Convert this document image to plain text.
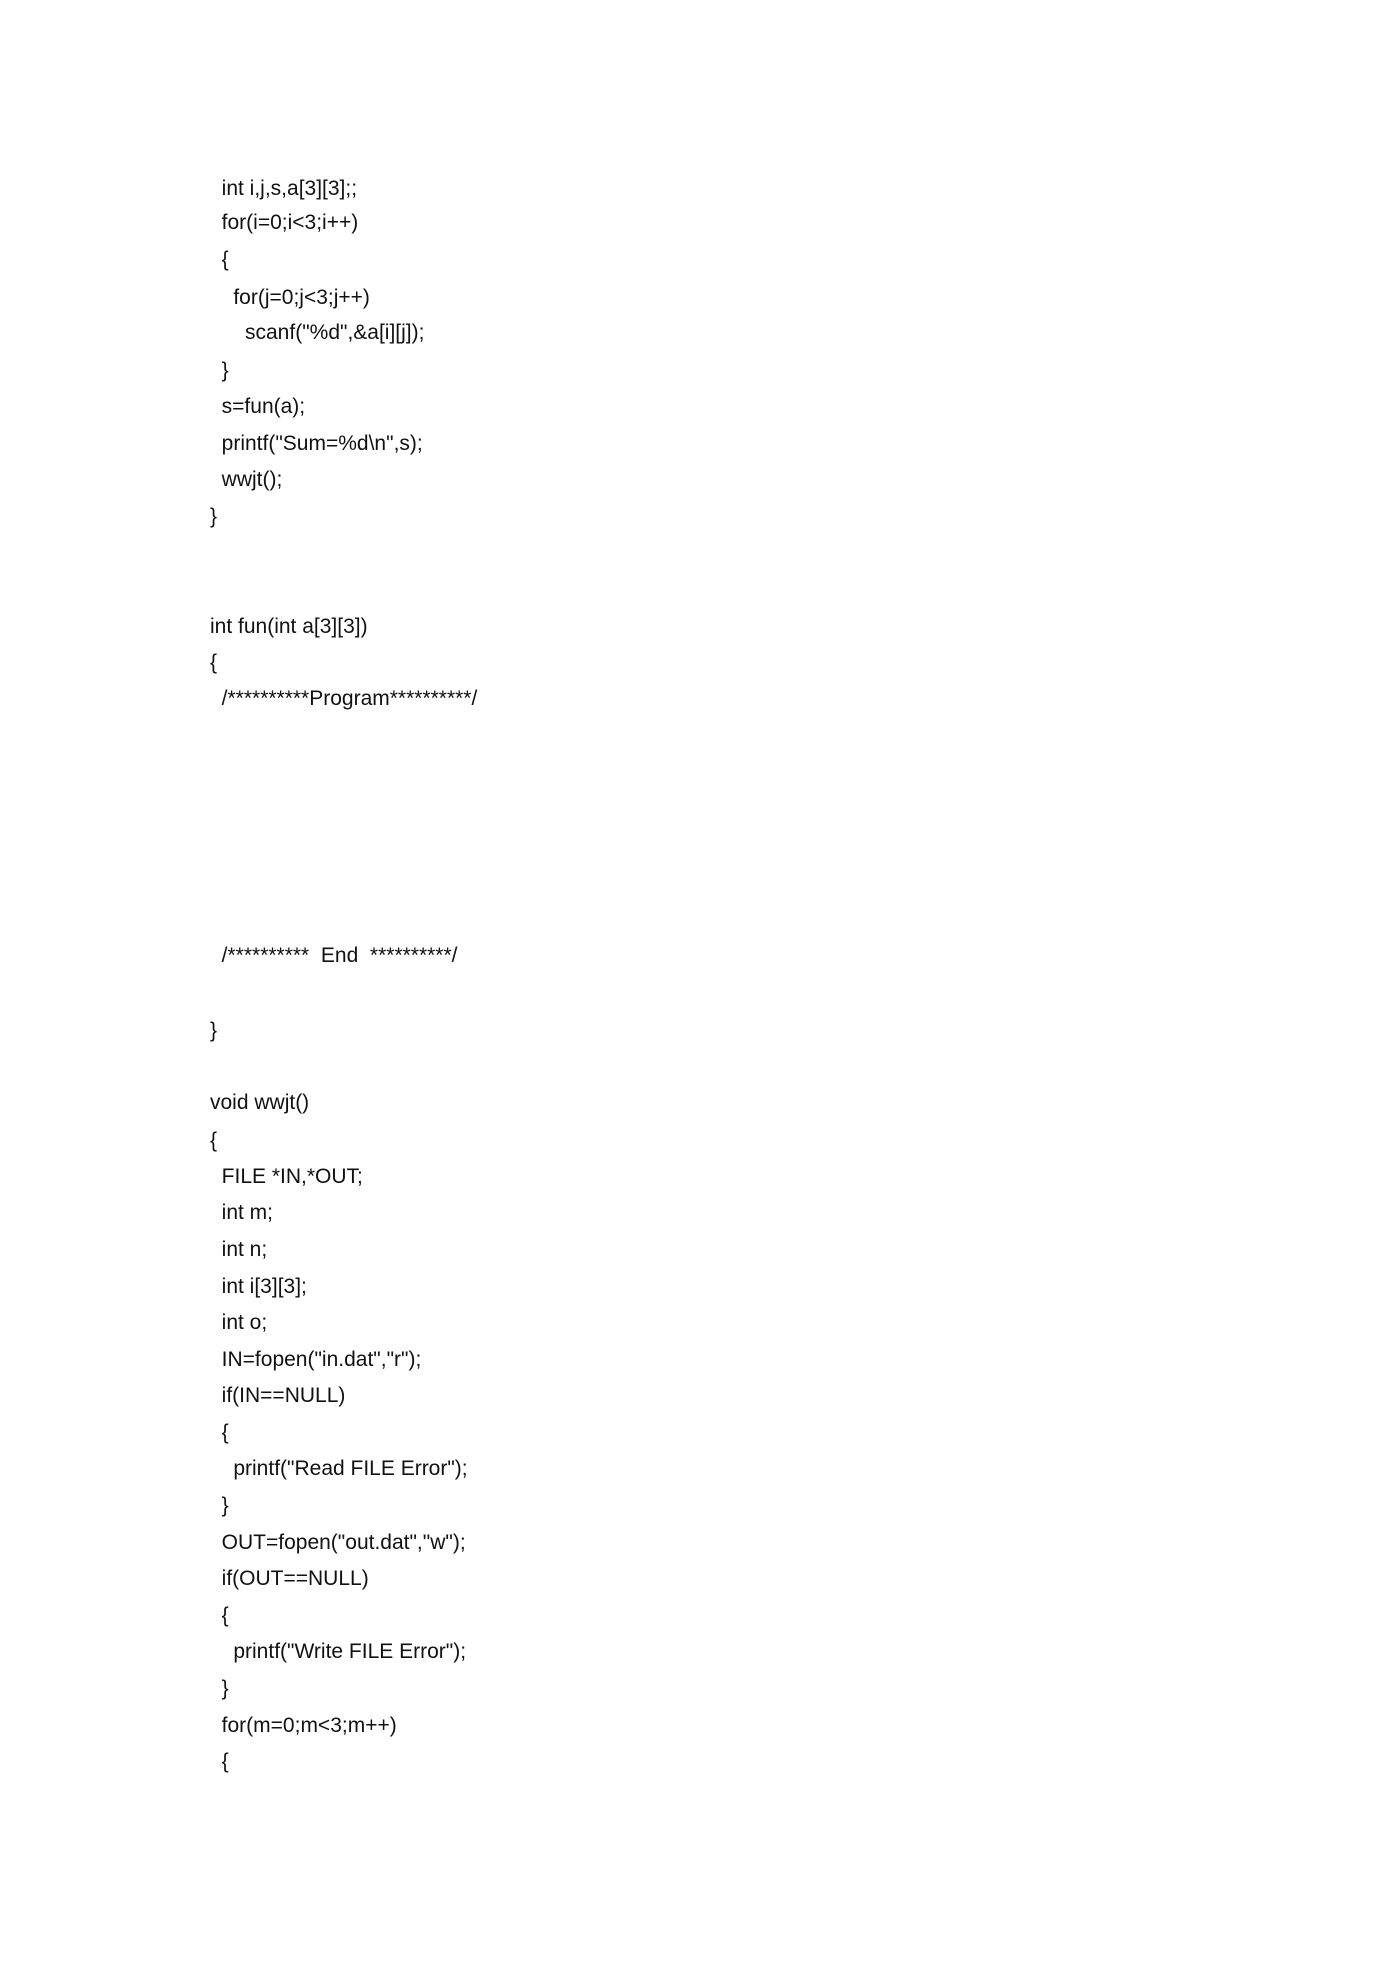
int i,j,s,a[3][3];;

for(i=0;i<3;i++)

{

for(j=0;j<3;j++)

scanf("%d",&a[i][j]);

}

s=fun(a);

printf("Sum=%d\n",s);

wwjt();

}

int fun(int a[3][3])

{

/**********Program**********/

/**********  End  **********/

}

void wwjt()

{

FILE *IN,*OUT;

int m;

int n;

int i[3][3];

int o;

IN=fopen("in.dat","r");

if(IN==NULL)

{

printf("Read FILE Error");

}

OUT=fopen("out.dat","w");

if(OUT==NULL)

{

printf("Write FILE Error");

}

for(m=0;m<3;m++)

{
